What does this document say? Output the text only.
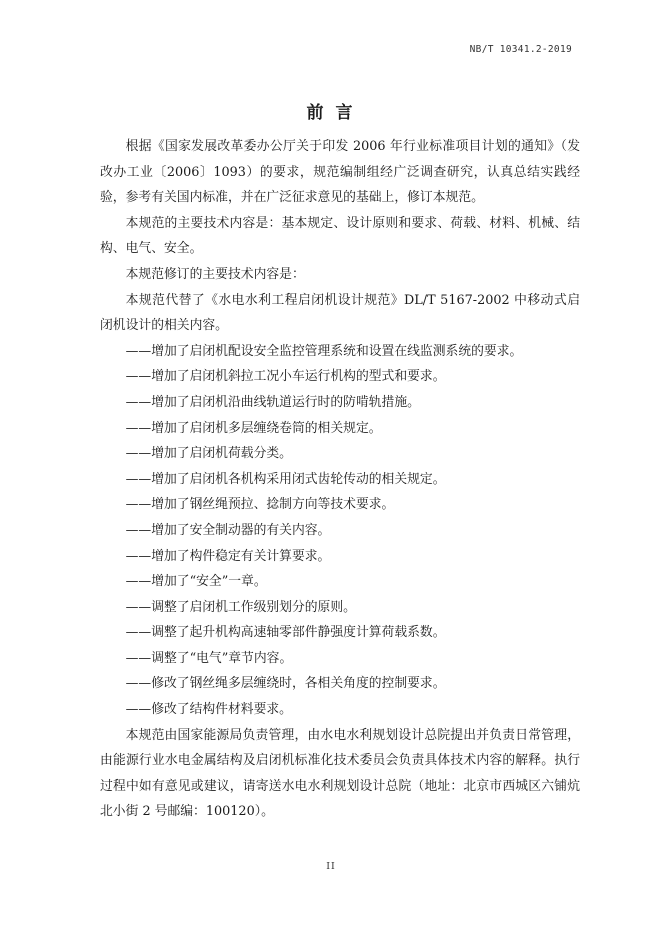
NB/T 10341.2-2019
前 言

根据《国家发展改革委办公厅关于印发 2006 年行业标准项目计划的通知》（发改办工业〔2006〕1093）的要求，规范编制组经广泛调查研究，认真总结实践经验，参考有关国内标准，并在广泛征求意见的基础上，修订本规范。

本规范的主要技术内容是：基本规定、设计原则和要求、荷载、材料、机械、结构、电气、安全。

本规范修订的主要技术内容是：

本规范代替了《水电水利工程启闭机设计规范》DL/T 5167-2002 中移动式启闭机设计的相关内容。

——增加了启闭机配设安全监控管理系统和设置在线监测系统的要求。

——增加了启闭机斜拉工况小车运行机构的型式和要求。

——增加了启闭机沿曲线轨道运行时的防啃轨措施。

——增加了启闭机多层缠绕卷筒的相关规定。

——增加了启闭机荷载分类。

——增加了启闭机各机构采用闭式齿轮传动的相关规定。

——增加了钢丝绳预拉、捻制方向等技术要求。

——增加了安全制动器的有关内容。

——增加了构件稳定有关计算要求。

——增加了“安全”一章。

——调整了启闭机工作级别划分的原则。

——调整了起升机构高速轴零部件静强度计算荷载系数。

——调整了“电气”章节内容。

——修改了钢丝绳多层缠绕时，各相关角度的控制要求。

——修改了结构件材料要求。

本规范由国家能源局负责管理，由水电水利规划设计总院提出并负责日常管理，由能源行业水电金属结构及启闭机标准化技术委员会负责具体技术内容的解释。执行过程中如有意见或建议，请寄送水电水利规划设计总院（地址：北京市西城区六铺炕北小街 2 号邮编：100120）。

II
